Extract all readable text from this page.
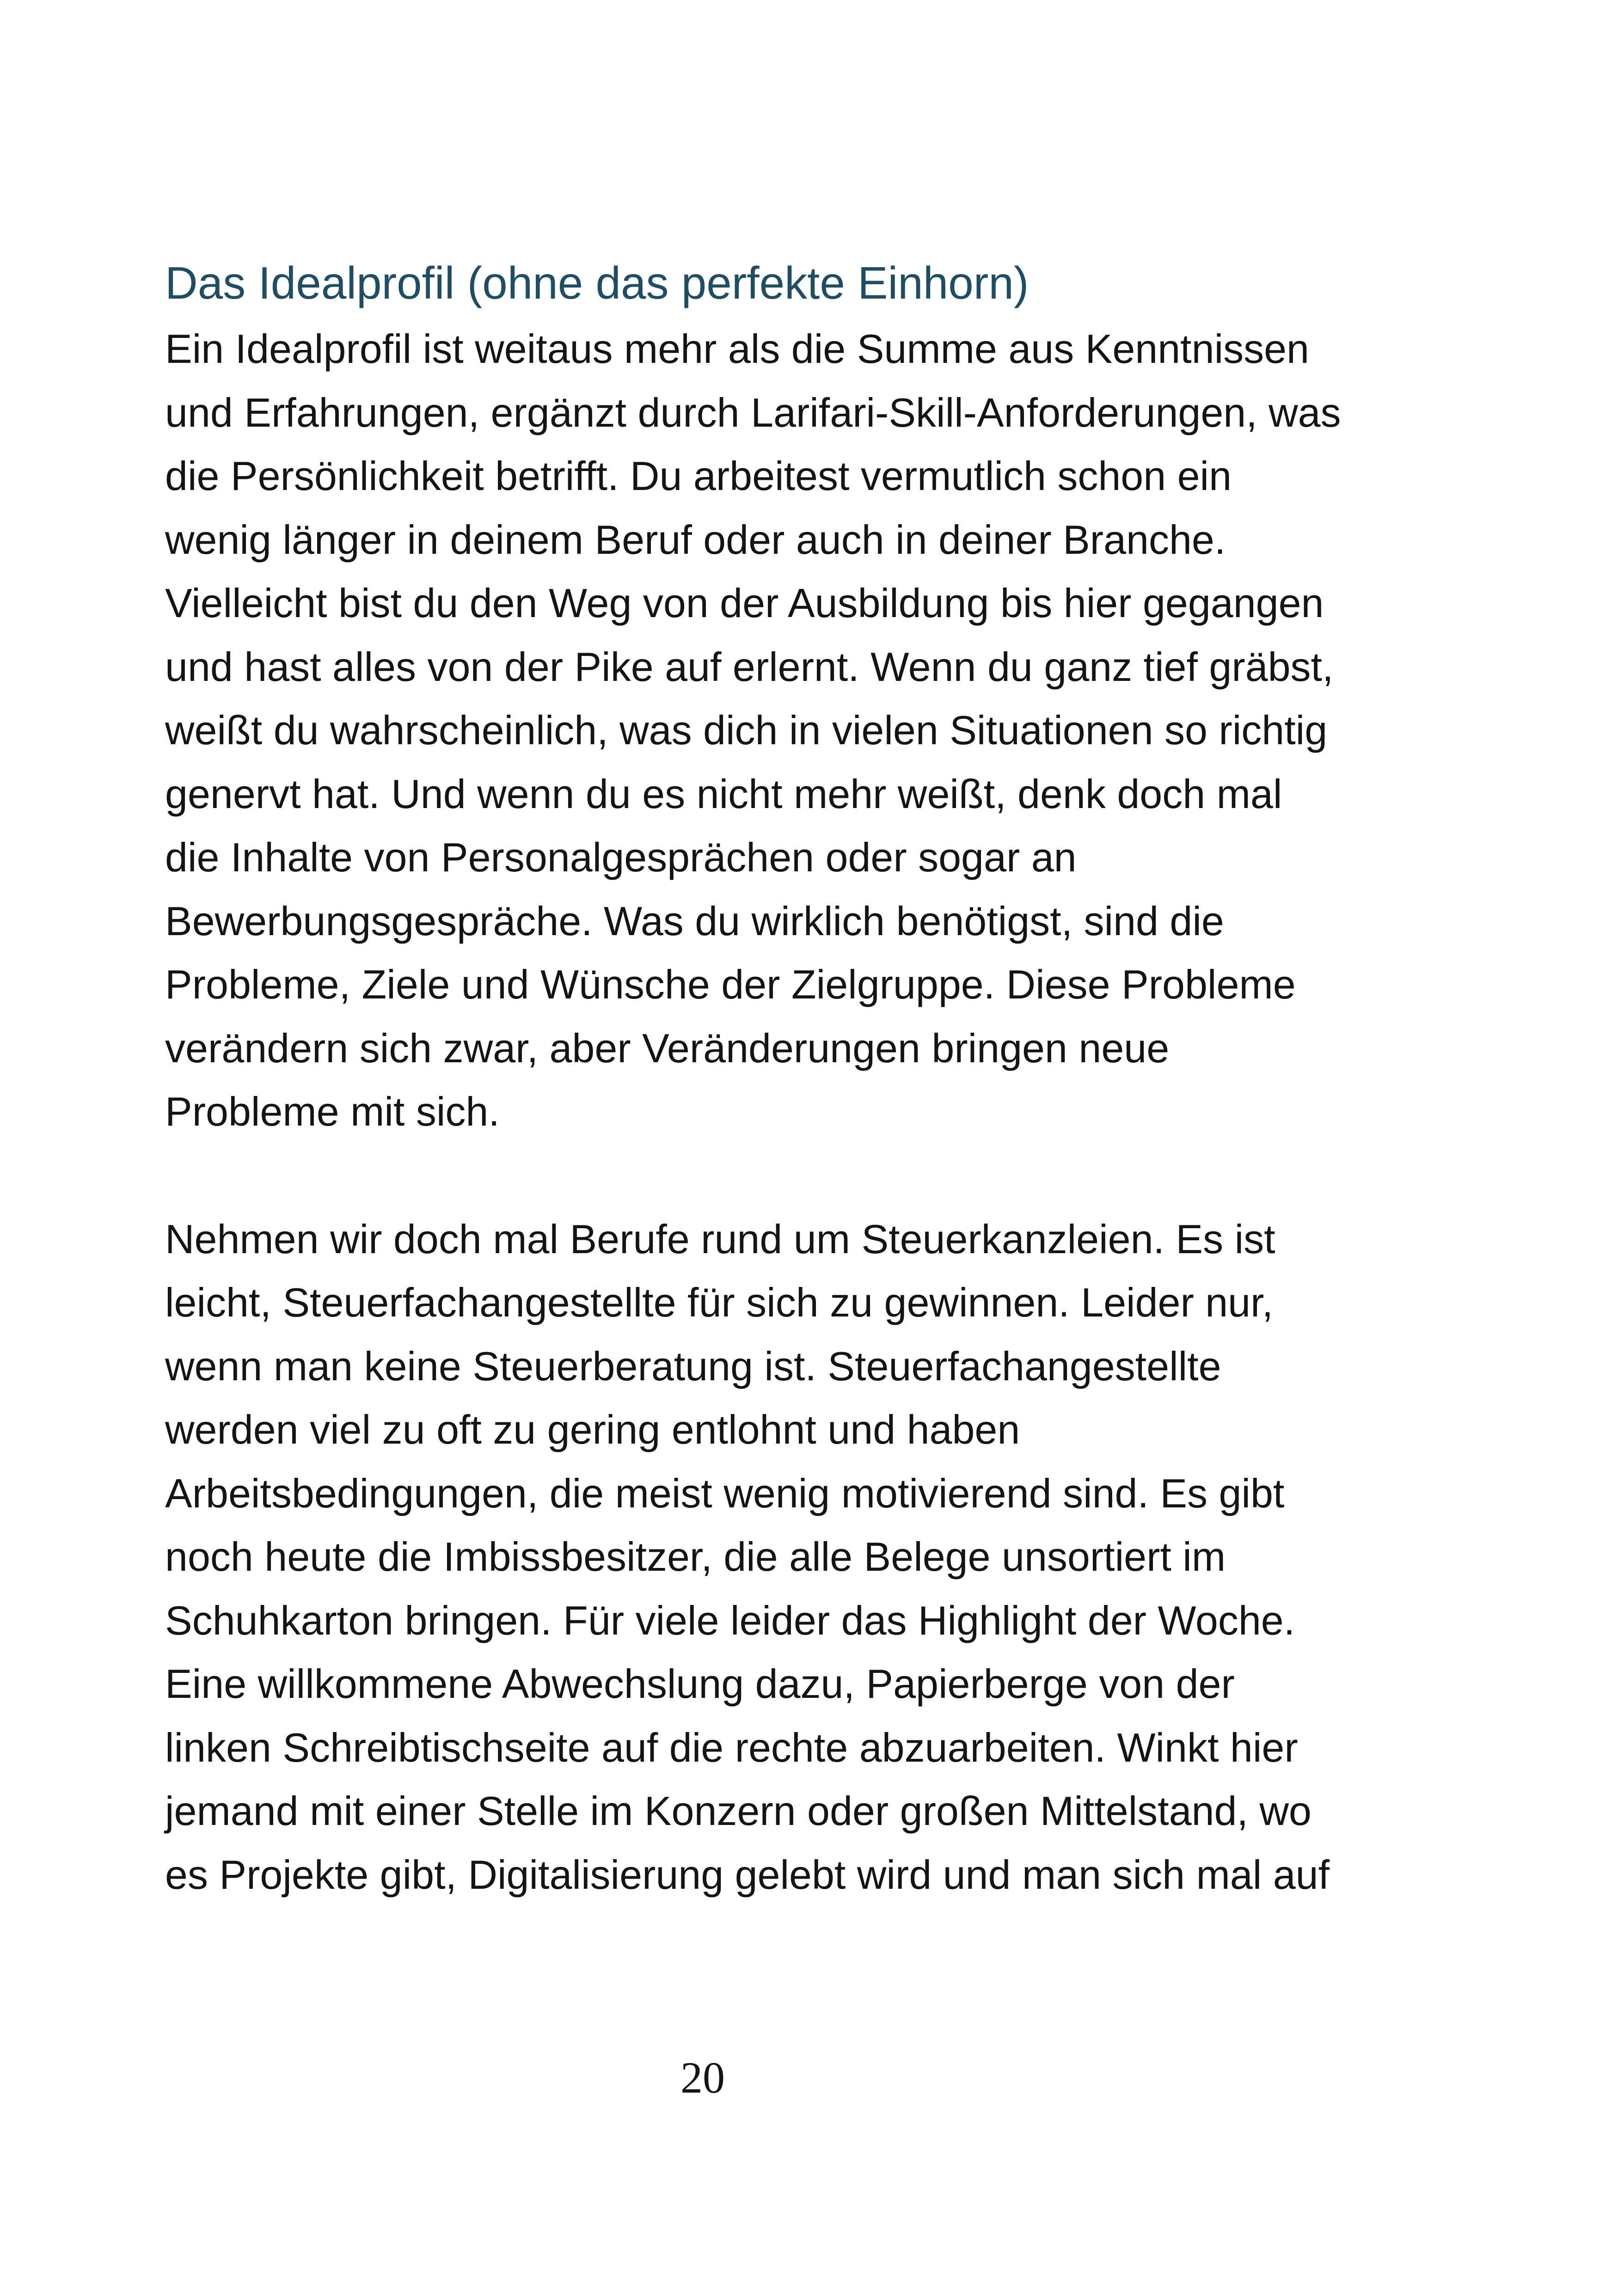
Das Idealprofil (ohne das perfekte Einhorn)
Ein Idealprofil ist weitaus mehr als die Summe aus Kenntnissen
und Erfahrungen, ergänzt durch Larifari-Skill-Anforderungen, was
die Persönlichkeit betrifft. Du arbeitest vermutlich schon ein
wenig länger in deinem Beruf oder auch in deiner Branche.
Vielleicht bist du den Weg von der Ausbildung bis hier gegangen
und hast alles von der Pike auf erlernt. Wenn du ganz tief gräbst,
weißt du wahrscheinlich, was dich in vielen Situationen so richtig
genervt hat. Und wenn du es nicht mehr weißt, denk doch mal
die Inhalte von Personalgesprächen oder sogar an
Bewerbungsgespräche. Was du wirklich benötigst, sind die
Probleme, Ziele und Wünsche der Zielgruppe. Diese Probleme
verändern sich zwar, aber Veränderungen bringen neue
Probleme mit sich.
Nehmen wir doch mal Berufe rund um Steuerkanzleien. Es ist
leicht, Steuerfachangestellte für sich zu gewinnen. Leider nur,
wenn man keine Steuerberatung ist. Steuerfachangestellte
werden viel zu oft zu gering entlohnt und haben
Arbeitsbedingungen, die meist wenig motivierend sind. Es gibt
noch heute die Imbissbesitzer, die alle Belege unsortiert im
Schuhkarton bringen. Für viele leider das Highlight der Woche.
Eine willkommene Abwechslung dazu, Papierberge von der
linken Schreibtischseite auf die rechte abzuarbeiten. Winkt hier
jemand mit einer Stelle im Konzern oder großen Mittelstand, wo
es Projekte gibt, Digitalisierung gelebt wird und man sich mal auf
20
